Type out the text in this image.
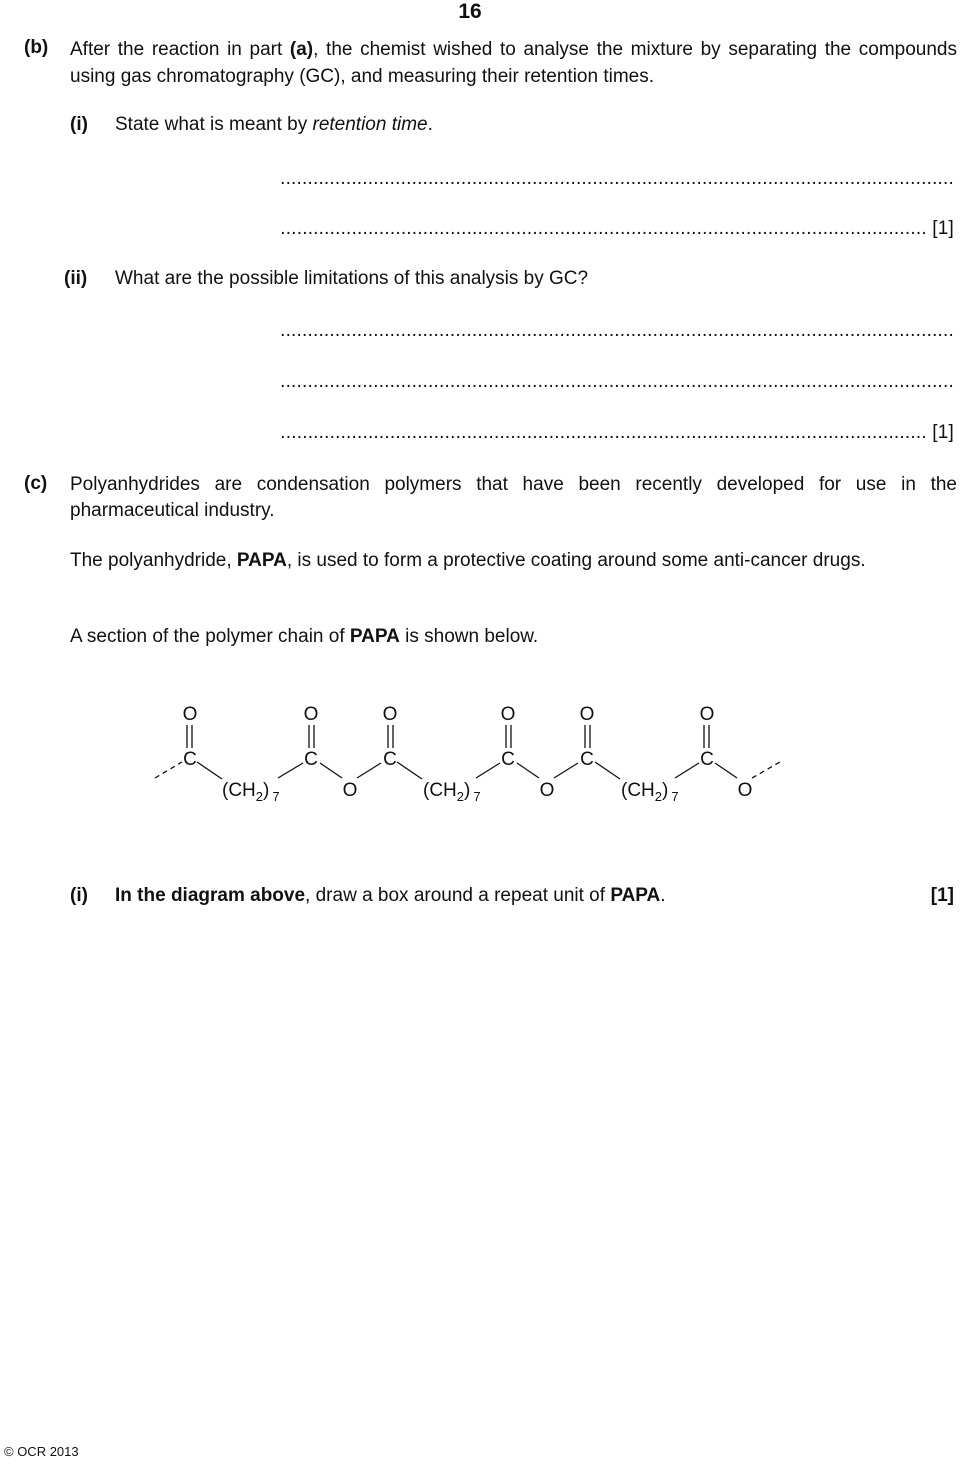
16
(b) After the reaction in part (a), the chemist wished to analyse the mixture by separating the compounds using gas chromatography (GC), and measuring their retention times.
(i) State what is meant by retention time.
...........................................................................................................................
...................................................................................................................... [1]
(ii) What are the possible limitations of this analysis by GC?
...........................................................................................................................
...........................................................................................................................
...................................................................................................................... [1]
(c) Polyanhydrides are condensation polymers that have been recently developed for use in the pharmaceutical industry.
The polyanhydride, PAPA, is used to form a protective coating around some anti-cancer drugs.
A section of the polymer chain of PAPA is shown below.
O	O	O	O	O	O
C	C	C	C	C	C
O	O	O
$(CH_2)$ $_7$	$(CH_2)$ $_7$	$(CH_2)$ $_7$
(i) In the diagram above, draw a box around a repeat unit of PAPA.	[1]
© OCR 2013
